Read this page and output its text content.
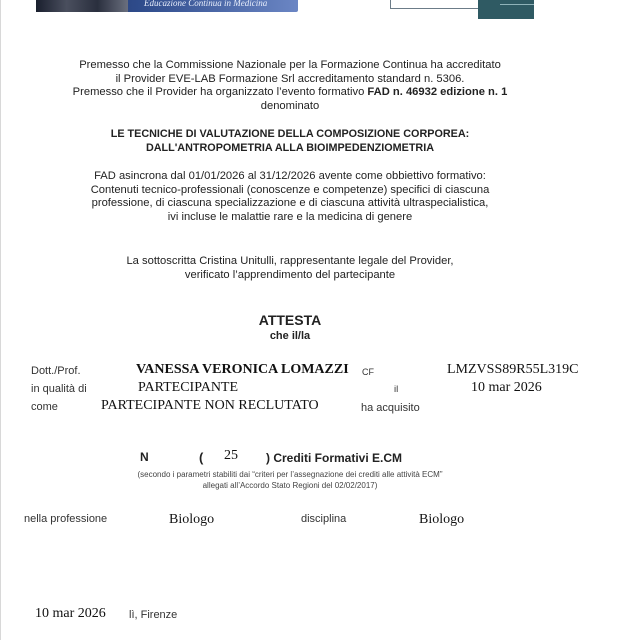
Educazione Continua in Medicina
Premesso che la Commissione Nazionale per la Formazione Continua ha accreditato
il Provider EVE-LAB Formazione Srl accreditamento standard n. 5306.
Premesso che il Provider ha organizzato l’evento formativo FAD n. 46932 edizione n. 1
denominato
LE TECNICHE DI VALUTAZIONE DELLA COMPOSIZIONE CORPOREA:
DALL'ANTROPOMETRIA ALLA BIOIMPEDENZIOMETRIA
FAD asincrona dal 01/01/2026 al 31/12/2026 avente come obbiettivo formativo:
Contenuti tecnico-professionali (conoscenze e competenze) specifici di ciascuna
professione, di ciascuna specializzazione e di ciascuna attività ultraspecialistica,
ivi incluse le malattie rare e la medicina di genere
La sottoscritta Cristina Unitulli, rappresentante legale del Provider,
verificato l’apprendimento del partecipante
ATTESTA
che il/la
Dott./Prof.	VANESSA VERONICA LOMAZZI CF	LMZVSS89R55L319C
in qualità di	PARTECIPANTE	il	10 mar 2026
come	PARTECIPANTE NON RECLUTATO	ha acquisito
N	( 25 ) Crediti Formativi E.CM
(secondo i parametri stabiliti dai “criteri per l’assegnazione dei crediti alle attività ECM”
allegati all’Accordo Stato Regioni del 02/02/2017)
nella professione	Biologo	disciplina	Biologo
10 mar 2026 lì, Firenze
